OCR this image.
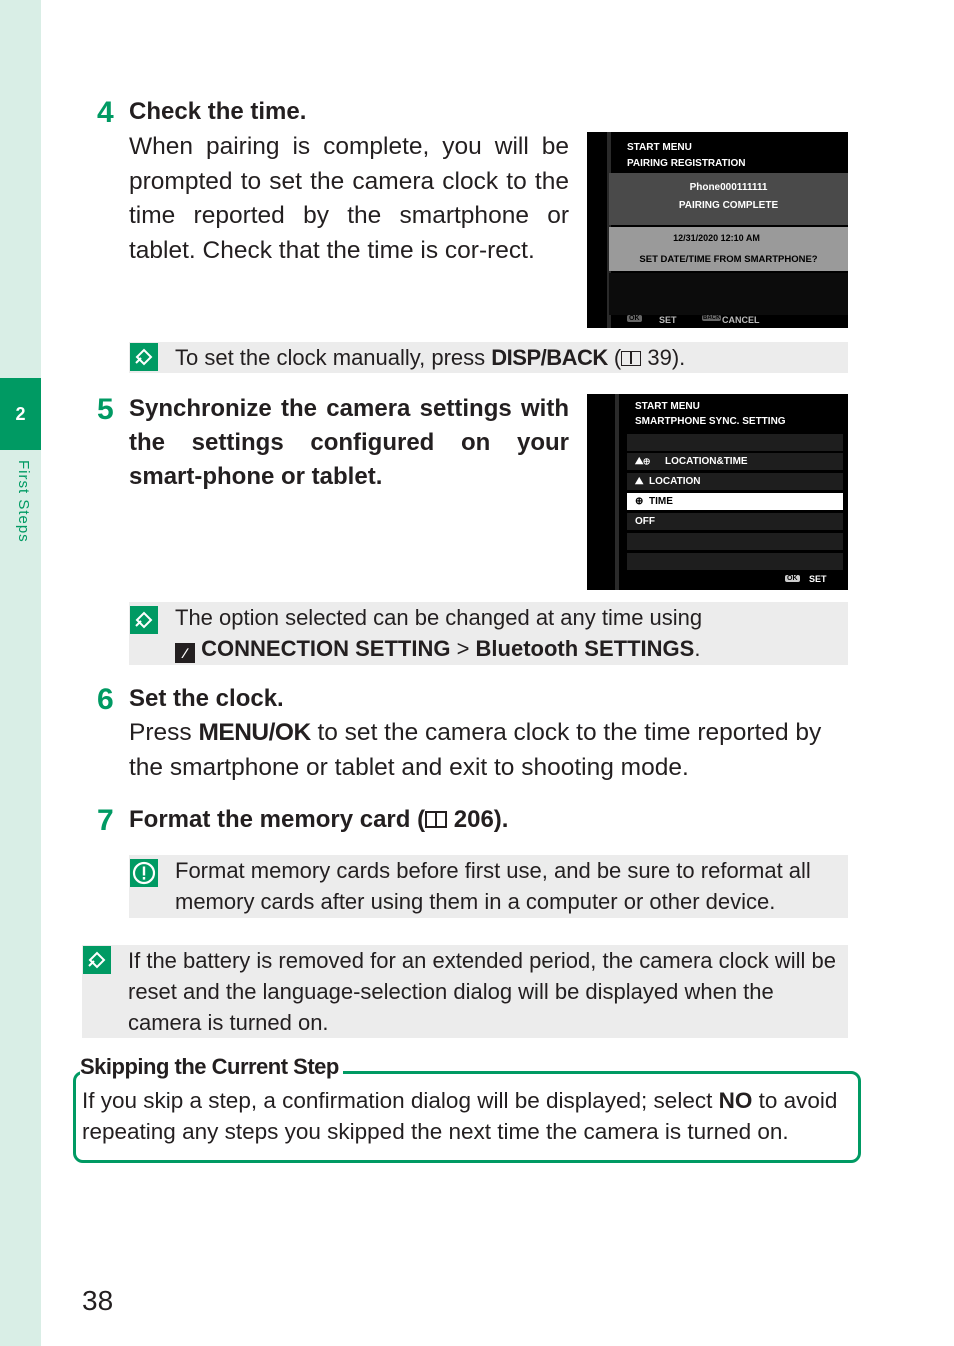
2
First Steps
4 Check the time.
When pairing is complete, you will be prompted to set the camera clock to the time reported by the smartphone or tablet. Check that the time is cor-rect.
START MENU
PAIRING REGISTRATION
Phone000111111
PAIRING COMPLETE
12/31/2020 12:10 AM
SET DATE/TIME FROM SMARTPHONE?
OK SET	BACK CANCEL
To set the clock manually, press DISP/BACK (
39).
5 Synchronize the camera settings with the settings configured on your smart-phone or tablet.
START MENU
SMARTPHONE SYNC. SETTING
⛰⊕ LOCATION&TIME
⛰ LOCATION
⊕ TIME
OFF
OK SET
The option selected can be changed at any time using
∕ CONNECTION SETTING > Bluetooth SETTINGS.
6 Set the clock.
Press MENU/OK to set the camera clock to the time reported by the smartphone or tablet and exit to shooting mode.
7 Format the memory card (
206).
Format memory cards before first use, and be sure to reformat all memory cards after using them in a computer or other device.
If the battery is removed for an extended period, the camera clock will be reset and the language-selection dialog will be displayed when the camera is turned on.
Skipping the Current Step
If you skip a step, a confirmation dialog will be displayed; select NO to avoid repeating any steps you skipped the next time the camera is turned on.
38
